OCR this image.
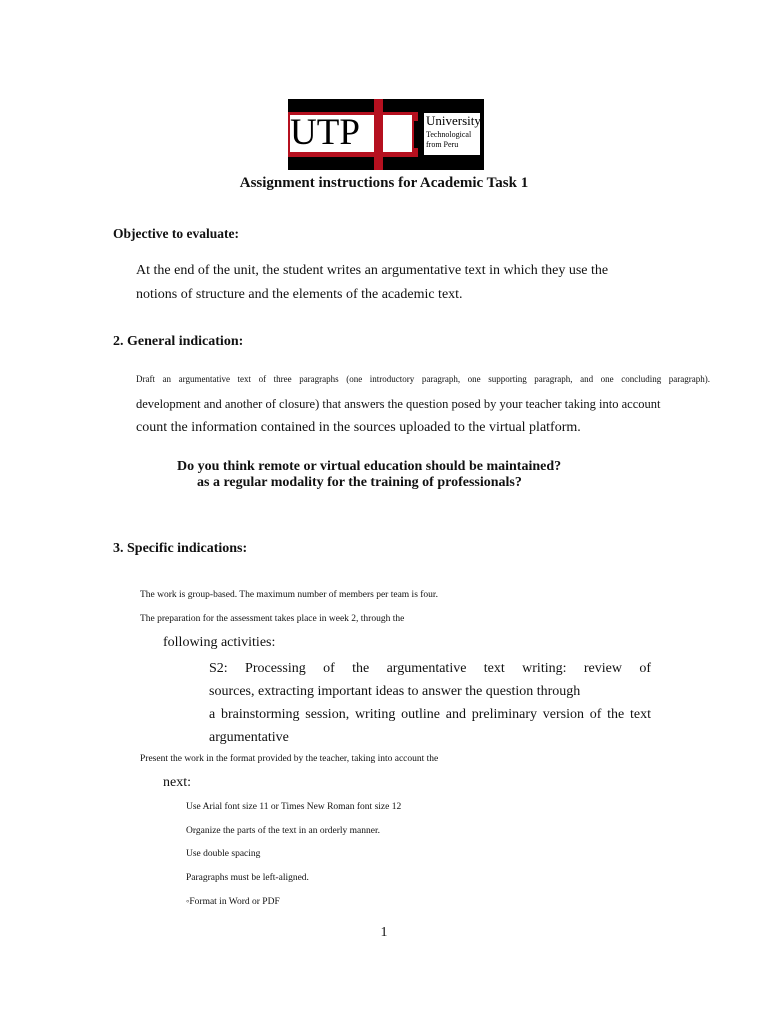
UTP	University
Technological
from Peru
Assignment instructions for Academic Task 1
Objective to evaluate:
At the end of the unit, the student writes an argumentative text in which they use the
notions of structure and the elements of the academic text.
2. General indication:
Draft an argumentative text of three paragraphs (one introductory paragraph, one supporting paragraph, and one concluding paragraph).
development and another of closure) that answers the question posed by your teacher taking into account
count the information contained in the sources uploaded to the virtual platform.
Do you think remote or virtual education should be maintained?
as a regular modality for the training of professionals?
3. Specific indications:
The work is group-based. The maximum number of members per team is four.
The preparation for the assessment takes place in week 2, through the
following activities:
S2: Processing of the argumentative text writing: review of
sources, extracting important ideas to answer the question through
a brainstorming session, writing outline and preliminary version of the text
argumentative
Present the work in the format provided by the teacher, taking into account the
next:
Use Arial font size 11 or Times New Roman font size 12
Organize the parts of the text in an orderly manner.
Use double spacing
Paragraphs must be left-aligned.
◦Format in Word or PDF
1
